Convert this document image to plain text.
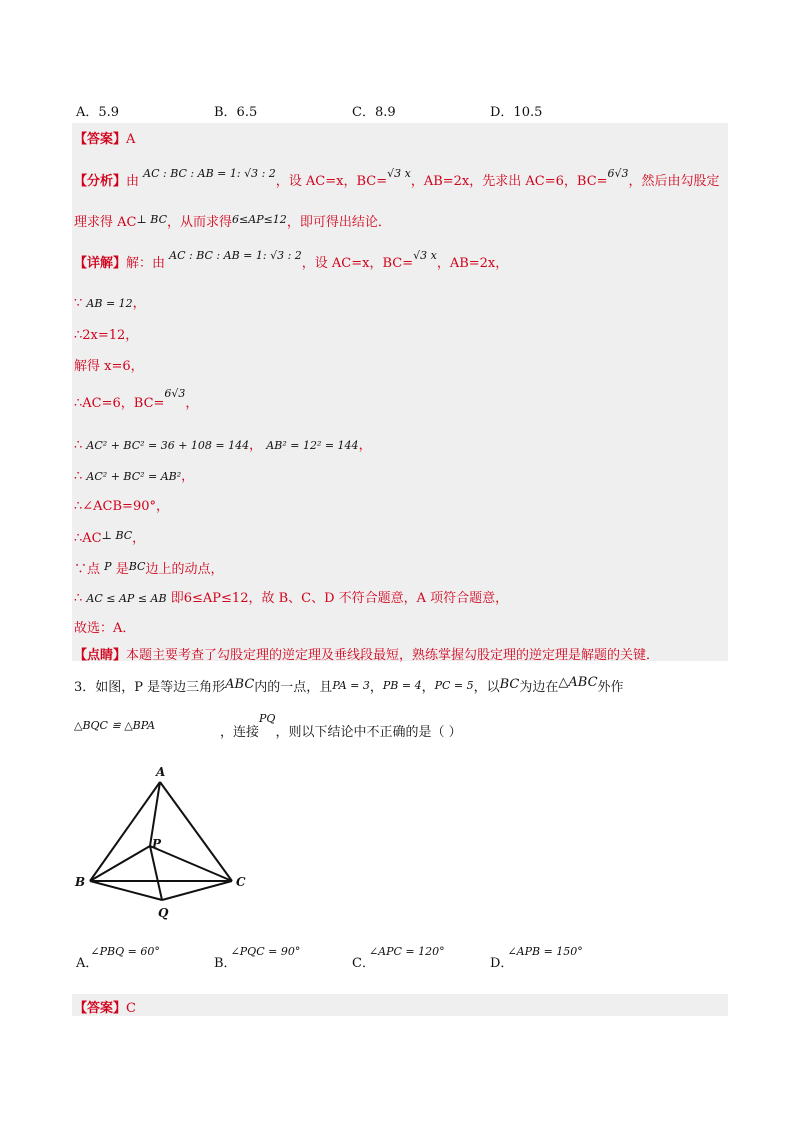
A．5.9	B．6.5	C．8.9	D．10.5
【答案】A
【分析】由 $^{AC : BC : AB = 1: √3 : 2}$，设 AC=x，BC=$^{√3 x}$，AB=2x，先求出 AC=6，BC=$^{6√3}$，然后由勾股定
理求得 $AC^{\perp BC}$，从而求得$^{6\le AP\le 12}$，即可得出结论．
【详解】解：由 $^{AC : BC : AB = 1: √3 : 2}$，设 AC=x，BC=$^{√3 x}$，AB=2x，
∵ AB = 12，
∴2x=12，
解得 x=6，
∴AC=6，BC=$^{6√3}$，
∴ AC² + BC² = 36 + 108 = 144， AB² = 12² = 144，
∴ AC² + BC² = AB²，
∴∠ACB=90°，
$\therefore AC^{\perp BC}$，
∵点 $^P$ 是$^{BC}$边上的动点，
∴ AC ≤ AP ≤ AB 即6≤AP≤12，故 B、C、D 不符合题意，A 项符合题意，
故选：A．
【点睛】本题主要考查了勾股定理的逆定理及垂线段最短，熟练掌握勾股定理的逆定理是解题的关键．
3．如图，P 是等边三角形ABC内的一点，且PA = 3，PB = 4，PC = 5，以BC为边在△ABC外作
$^{\triangle BQC ≌ \triangle BPA}$	，连接$^{PQ}$，则以下结论中不正确的是（ ）
A
B	C
P
Q
A．$^{\angle PBQ = 60^\circ}$
B．$^{\angle PQC = 90^\circ}$
C．$^{\angle APC = 120^\circ}$
D．$^{\angle APB = 150^\circ}$
【答案】C
